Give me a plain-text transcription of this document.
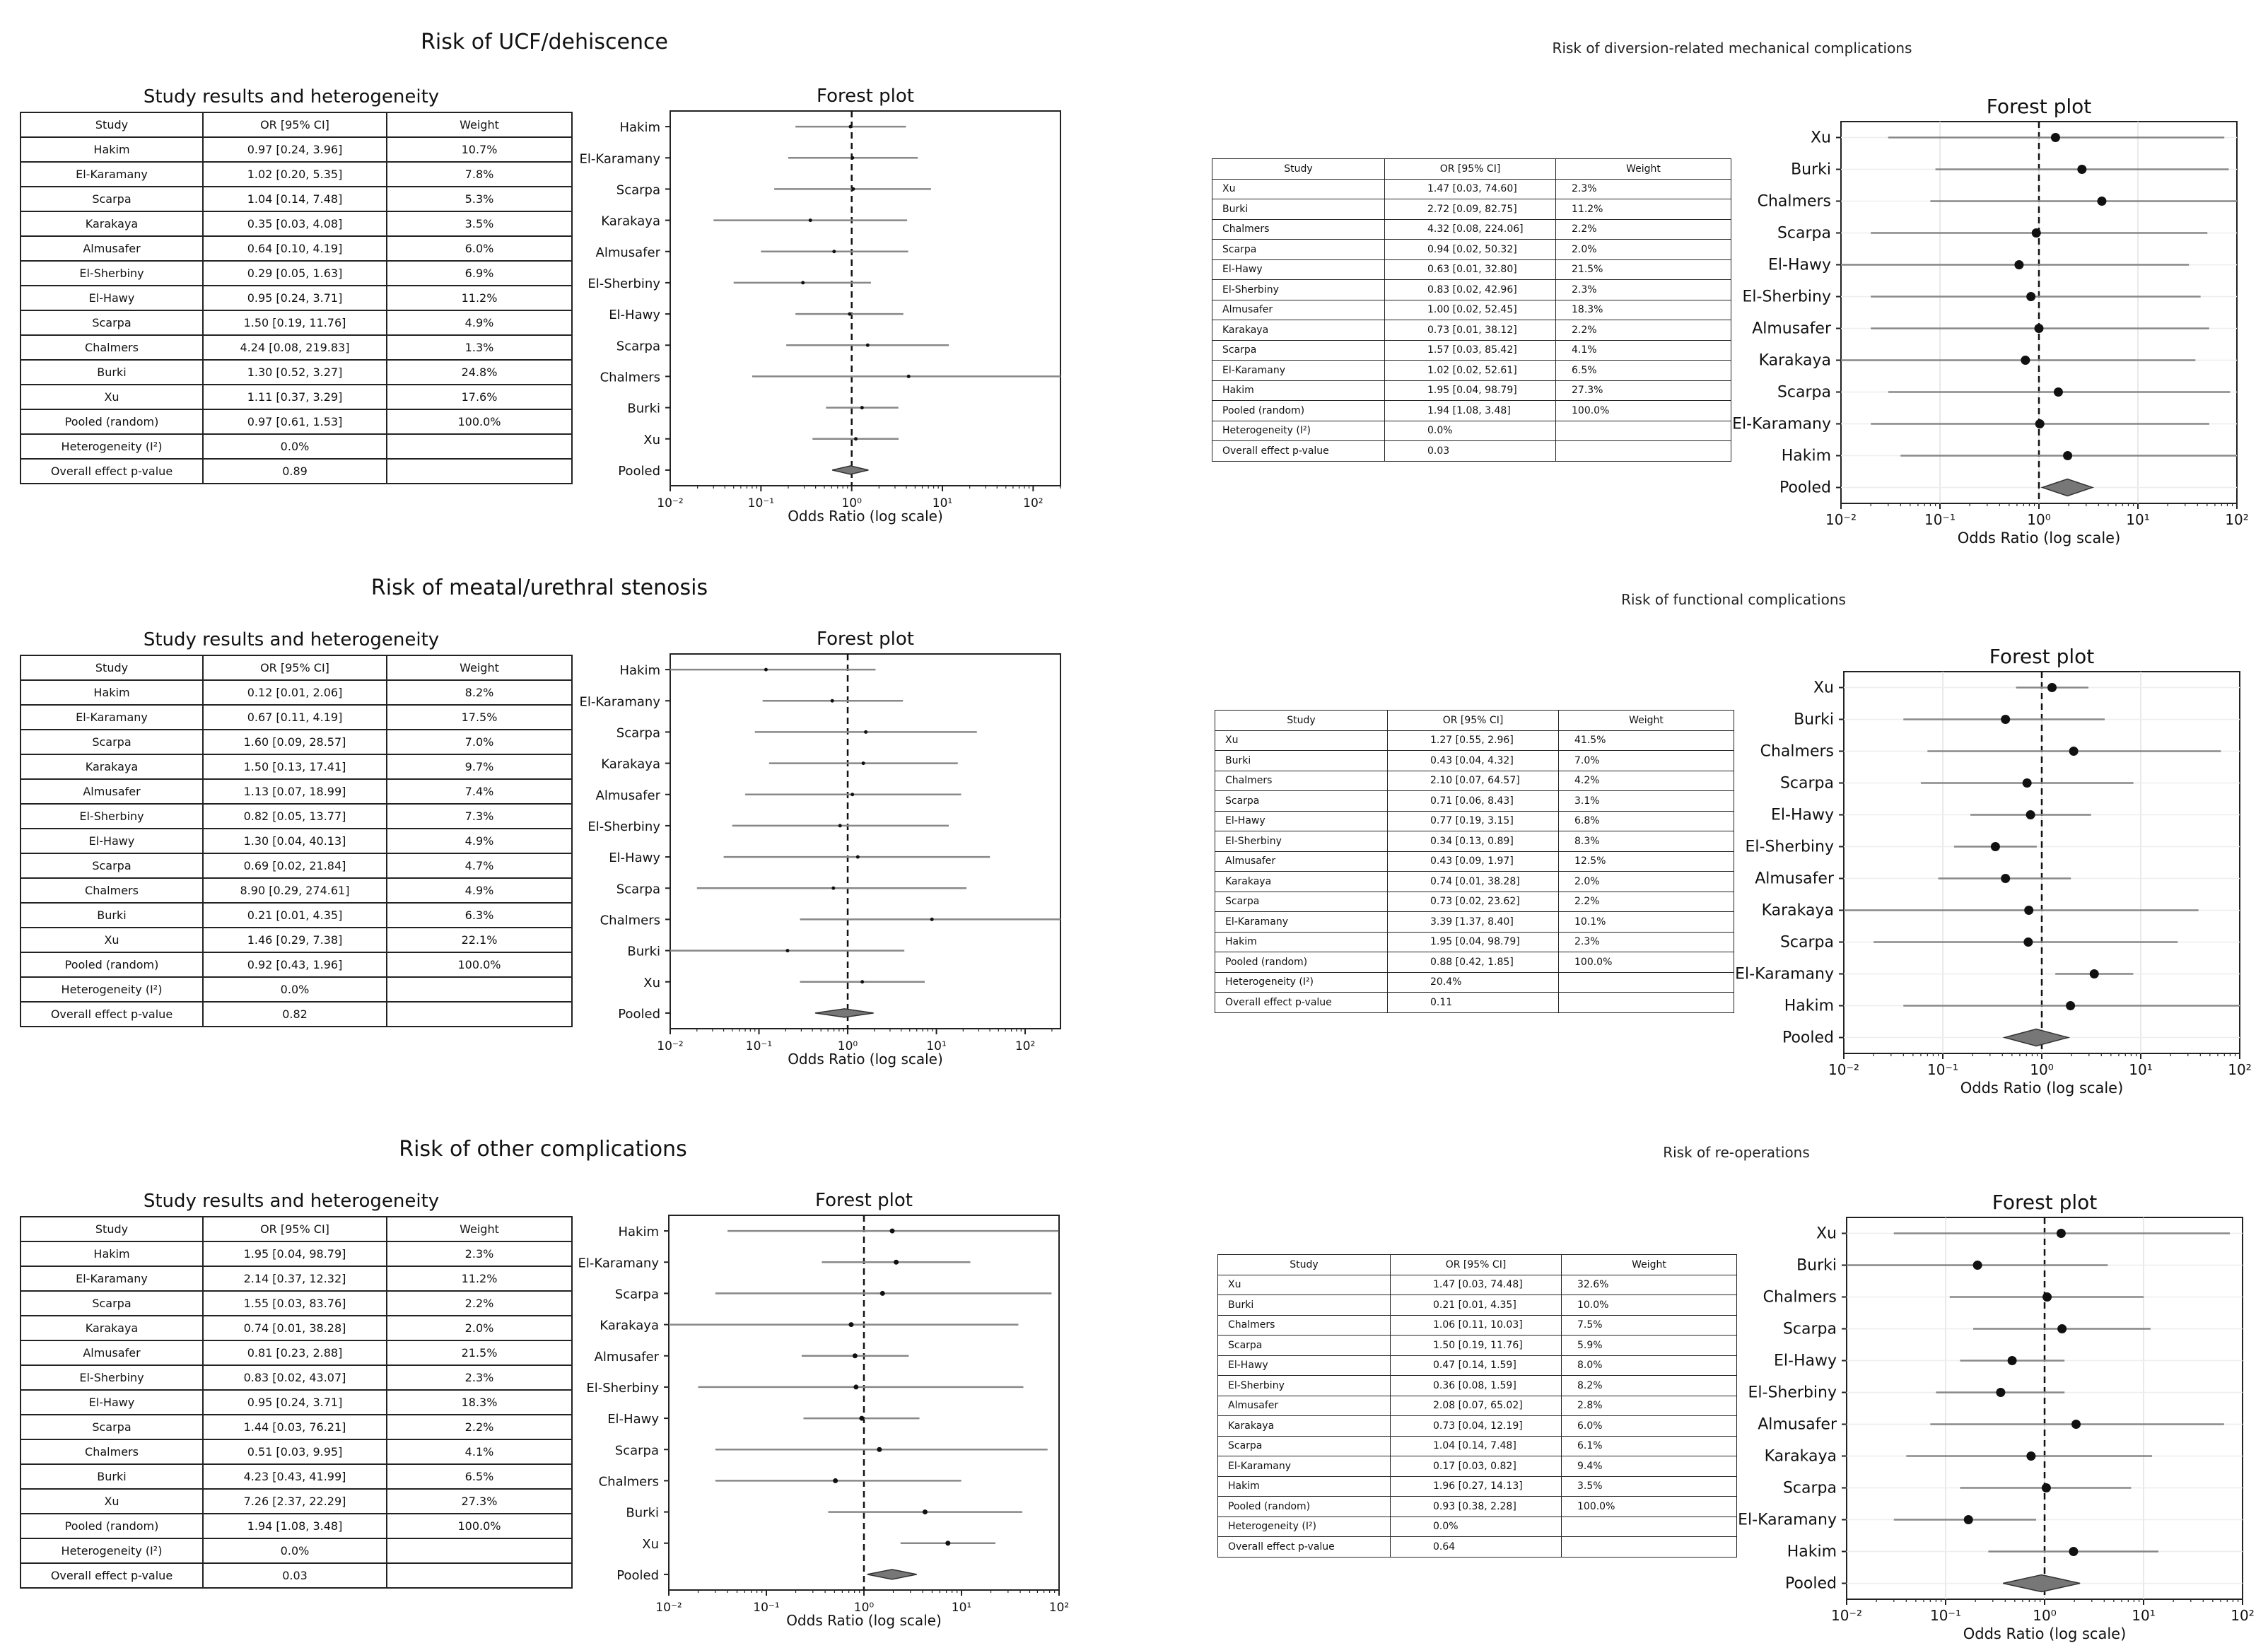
Risk of UCF/dehiscence
Study results and heterogeneity
Study	OR [95% CI]	Weight
Hakim	0.97 [0.24, 3.96]	10.7%
El-Karamany	1.02 [0.20, 5.35]	7.8%
Scarpa	1.04 [0.14, 7.48]	5.3%
Karakaya	0.35 [0.03, 4.08]	3.5%
Almusafer	0.64 [0.10, 4.19]	6.0%
El-Sherbiny	0.29 [0.05, 1.63]	6.9%
El-Hawy	0.95 [0.24, 3.71]	11.2%
Scarpa	1.50 [0.19, 11.76]	4.9%
Chalmers	4.24 [0.08, 219.83]	1.3%
Burki	1.30 [0.52, 3.27]	24.8%
Xu	1.11 [0.37, 3.29]	17.6%
Pooled (random)	0.97 [0.61, 1.53]	100.0%
Heterogeneity (I²)	0.0%	
Overall effect p-value	0.89	
10⁻²	10⁻¹	10⁰	10¹	10²
Odds Ratio (log scale)
Forest plot
Hakim
El-Karamany
Scarpa
Karakaya
Almusafer
El-Sherbiny
El-Hawy
Scarpa
Chalmers
Burki
Xu
Pooled
Risk of meatal/urethral stenosis
Study results and heterogeneity
Study	OR [95% CI]	Weight
Hakim	0.12 [0.01, 2.06]	8.2%
El-Karamany	0.67 [0.11, 4.19]	17.5%
Scarpa	1.60 [0.09, 28.57]	7.0%
Karakaya	1.50 [0.13, 17.41]	9.7%
Almusafer	1.13 [0.07, 18.99]	7.4%
El-Sherbiny	0.82 [0.05, 13.77]	7.3%
El-Hawy	1.30 [0.04, 40.13]	4.9%
Scarpa	0.69 [0.02, 21.84]	4.7%
Chalmers	8.90 [0.29, 274.61]	4.9%
Burki	0.21 [0.01, 4.35]	6.3%
Xu	1.46 [0.29, 7.38]	22.1%
Pooled (random)	0.92 [0.43, 1.96]	100.0%
Heterogeneity (I²)	0.0%	
Overall effect p-value	0.82	
10⁻²	10⁻¹	10⁰	10¹	10²
Odds Ratio (log scale)
Forest plot
Hakim
El-Karamany
Scarpa
Karakaya
Almusafer
El-Sherbiny
El-Hawy
Scarpa
Chalmers
Burki
Xu
Pooled
Risk of other complications
Study results and heterogeneity
Study	OR [95% CI]	Weight
Hakim	1.95 [0.04, 98.79]	2.3%
El-Karamany	2.14 [0.37, 12.32]	11.2%
Scarpa	1.55 [0.03, 83.76]	2.2%
Karakaya	0.74 [0.01, 38.28]	2.0%
Almusafer	0.81 [0.23, 2.88]	21.5%
El-Sherbiny	0.83 [0.02, 43.07]	2.3%
El-Hawy	0.95 [0.24, 3.71]	18.3%
Scarpa	1.44 [0.03, 76.21]	2.2%
Chalmers	0.51 [0.03, 9.95]	4.1%
Burki	4.23 [0.43, 41.99]	6.5%
Xu	7.26 [2.37, 22.29]	27.3%
Pooled (random)	1.94 [1.08, 3.48]	100.0%
Heterogeneity (I²)	0.0%	
Overall effect p-value	0.03	
10⁻²	10⁻¹	10⁰	10¹	10²
Odds Ratio (log scale)
Forest plot
Hakim
El-Karamany
Scarpa
Karakaya
Almusafer
El-Sherbiny
El-Hawy
Scarpa
Chalmers
Burki
Xu
Pooled
Risk of diversion-related mechanical complications
Study	OR [95% CI]	Weight
Xu	1.47 [0.03, 74.60]	2.3%
Burki	2.72 [0.09, 82.75]	11.2%
Chalmers	4.32 [0.08, 224.06]	2.2%
Scarpa	0.94 [0.02, 50.32]	2.0%
El-Hawy	0.63 [0.01, 32.80]	21.5%
El-Sherbiny	0.83 [0.02, 42.96]	2.3%
Almusafer	1.00 [0.02, 52.45]	18.3%
Karakaya	0.73 [0.01, 38.12]	2.2%
Scarpa	1.57 [0.03, 85.42]	4.1%
El-Karamany	1.02 [0.02, 52.61]	6.5%
Hakim	1.95 [0.04, 98.79]	27.3%
Pooled (random)	1.94 [1.08, 3.48]	100.0%
Heterogeneity (I²)	0.0%	
Overall effect p-value	0.03	
10⁻²	10⁻¹	10⁰	10¹	10²
Odds Ratio (log scale)
Forest plot
Xu
Burki
Chalmers
Scarpa
El-Hawy
El-Sherbiny
Almusafer
Karakaya
Scarpa
El-Karamany
Hakim
Pooled
Risk of functional complications
Study	OR [95% CI]	Weight
Xu	1.27 [0.55, 2.96]	41.5%
Burki	0.43 [0.04, 4.32]	7.0%
Chalmers	2.10 [0.07, 64.57]	4.2%
Scarpa	0.71 [0.06, 8.43]	3.1%
El-Hawy	0.77 [0.19, 3.15]	6.8%
El-Sherbiny	0.34 [0.13, 0.89]	8.3%
Almusafer	0.43 [0.09, 1.97]	12.5%
Karakaya	0.74 [0.01, 38.28]	2.0%
Scarpa	0.73 [0.02, 23.62]	2.2%
El-Karamany	3.39 [1.37, 8.40]	10.1%
Hakim	1.95 [0.04, 98.79]	2.3%
Pooled (random)	0.88 [0.42, 1.85]	100.0%
Heterogeneity (I²)	20.4%	
Overall effect p-value	0.11	
10⁻²	10⁻¹	10⁰	10¹	10²
Odds Ratio (log scale)
Forest plot
Xu
Burki
Chalmers
Scarpa
El-Hawy
El-Sherbiny
Almusafer
Karakaya
Scarpa
El-Karamany
Hakim
Pooled
Risk of re-operations
Study	OR [95% CI]	Weight
Xu	1.47 [0.03, 74.48]	32.6%
Burki	0.21 [0.01, 4.35]	10.0%
Chalmers	1.06 [0.11, 10.03]	7.5%
Scarpa	1.50 [0.19, 11.76]	5.9%
El-Hawy	0.47 [0.14, 1.59]	8.0%
El-Sherbiny	0.36 [0.08, 1.59]	8.2%
Almusafer	2.08 [0.07, 65.02]	2.8%
Karakaya	0.73 [0.04, 12.19]	6.0%
Scarpa	1.04 [0.14, 7.48]	6.1%
El-Karamany	0.17 [0.03, 0.82]	9.4%
Hakim	1.96 [0.27, 14.13]	3.5%
Pooled (random)	0.93 [0.38, 2.28]	100.0%
Heterogeneity (I²)	0.0%	
Overall effect p-value	0.64	
10⁻²	10⁻¹	10⁰	10¹	10²
Odds Ratio (log scale)
Forest plot
Xu
Burki
Chalmers
Scarpa
El-Hawy
El-Sherbiny
Almusafer
Karakaya
Scarpa
El-Karamany
Hakim
Pooled
